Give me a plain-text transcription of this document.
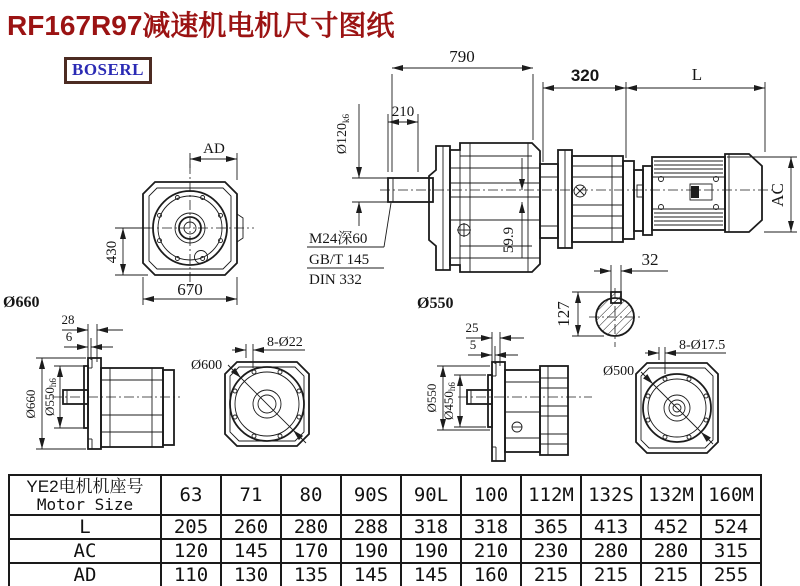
RF167R97减速机电机尺寸图纸
BOSERL
AD
430
670
790
210
$Ø120_{k6}$
59.9
M24深60
GB/T 145
DIN 332
Ø660	Ø550
320	L
AC
32
127
28
6
Ø660 Ø550h6
Ø600
8-Ø22
25
5
Ø550 Ø450h6
Ø500
8-Ø17.5
YE2电机机座号
Motor Size	63	71	80	90S	90L	100	112M	132S	132M	160M
L	205	260	280	288	318	318	365	413	452	524
AC	120	145	170	190	190	210	230	280	280	315
AD	110	130	135	145	145	160	215	215	215	255
